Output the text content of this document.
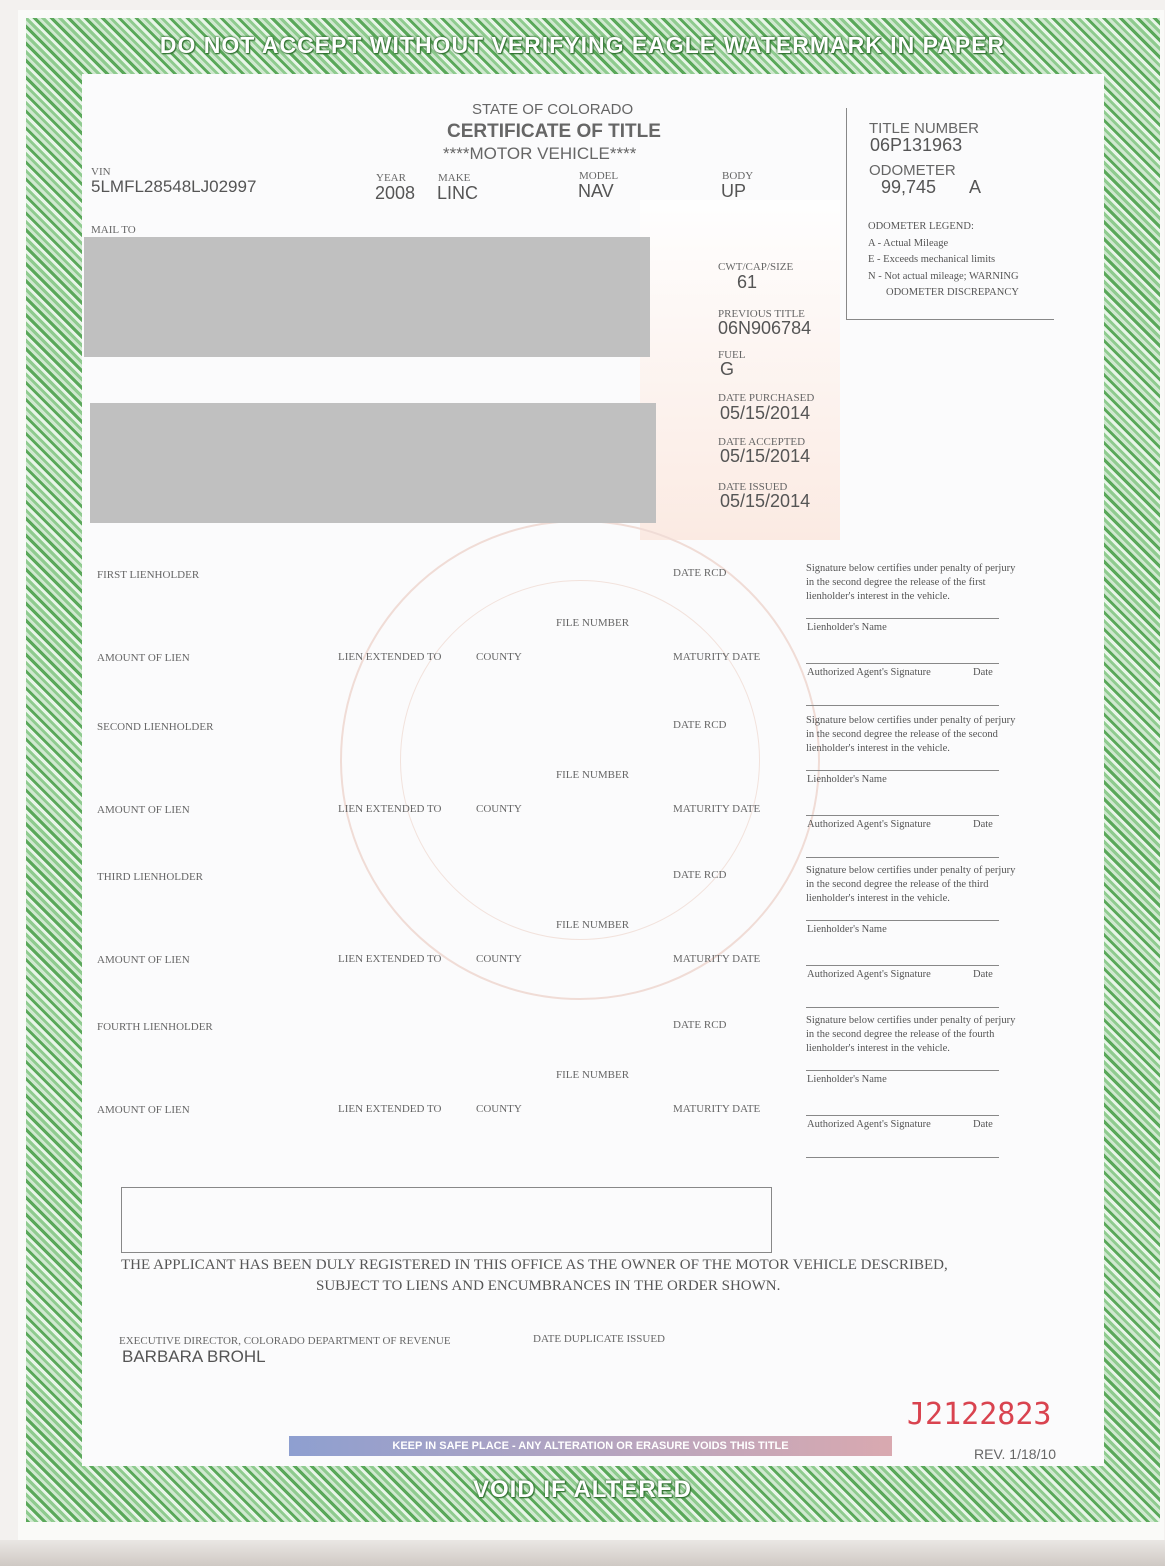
DO NOT ACCEPT WITHOUT VERIFYING EAGLE WATERMARK IN PAPER
VOID IF ALTERED
STATE OF COLORADO
CERTIFICATE OF TITLE
****MOTOR VEHICLE****
VIN
5LMFL28548LJ02997	YEAR
2008
MAKE
LINC
MODEL
NAV
BODY
UP
MAIL TO
CWT/CAP/SIZE
61
PREVIOUS TITLE
06N906784
FUEL
G
DATE PURCHASED
05/15/2014
DATE ACCEPTED
05/15/2014
DATE ISSUED
05/15/2014
TITLE NUMBER
06P131963
ODOMETER
99,745 A
ODOMETER LEGEND:
A - Actual Mileage
E - Exceeds mechanical limits
N - Not actual mileage; WARNING
ODOMETER DISCREPANCY
FIRST LIENHOLDER	DATE RCD
FILE NUMBER
AMOUNT OF LIEN	LIEN EXTENDED TO	COUNTY	MATURITY DATE
Lienholder's Name
Authorized Agent's Signature	Date
Signature below certifies under penalty of perjury in the second degree the release of the first lienholder's interest in the vehicle.
SECOND LIENHOLDER	DATE RCD
FILE NUMBER
AMOUNT OF LIEN	LIEN EXTENDED TO	COUNTY	MATURITY DATE
Lienholder's Name
Authorized Agent's Signature	Date
Signature below certifies under penalty of perjury in the second degree the release of the second lienholder's interest in the vehicle.
THIRD LIENHOLDER	DATE RCD
FILE NUMBER
AMOUNT OF LIEN	LIEN EXTENDED TO	COUNTY	MATURITY DATE
Lienholder's Name
Authorized Agent's Signature	Date
Signature below certifies under penalty of perjury in the second degree the release of the third lienholder's interest in the vehicle.
FOURTH LIENHOLDER	DATE RCD
FILE NUMBER
AMOUNT OF LIEN	LIEN EXTENDED TO	COUNTY	MATURITY DATE
Lienholder's Name
Authorized Agent's Signature	Date
Signature below certifies under penalty of perjury in the second degree the release of the fourth lienholder's interest in the vehicle.
THE APPLICANT HAS BEEN DULY REGISTERED IN THIS OFFICE AS THE OWNER OF THE MOTOR VEHICLE DESCRIBED,
SUBJECT TO LIENS AND ENCUMBRANCES IN THE ORDER SHOWN.
EXECUTIVE DIRECTOR, COLORADO DEPARTMENT OF REVENUE
BARBARA BROHL
DATE DUPLICATE ISSUED
J2122823
REV. 1/18/10
KEEP IN SAFE PLACE - ANY ALTERATION OR ERASURE VOIDS THIS TITLE
